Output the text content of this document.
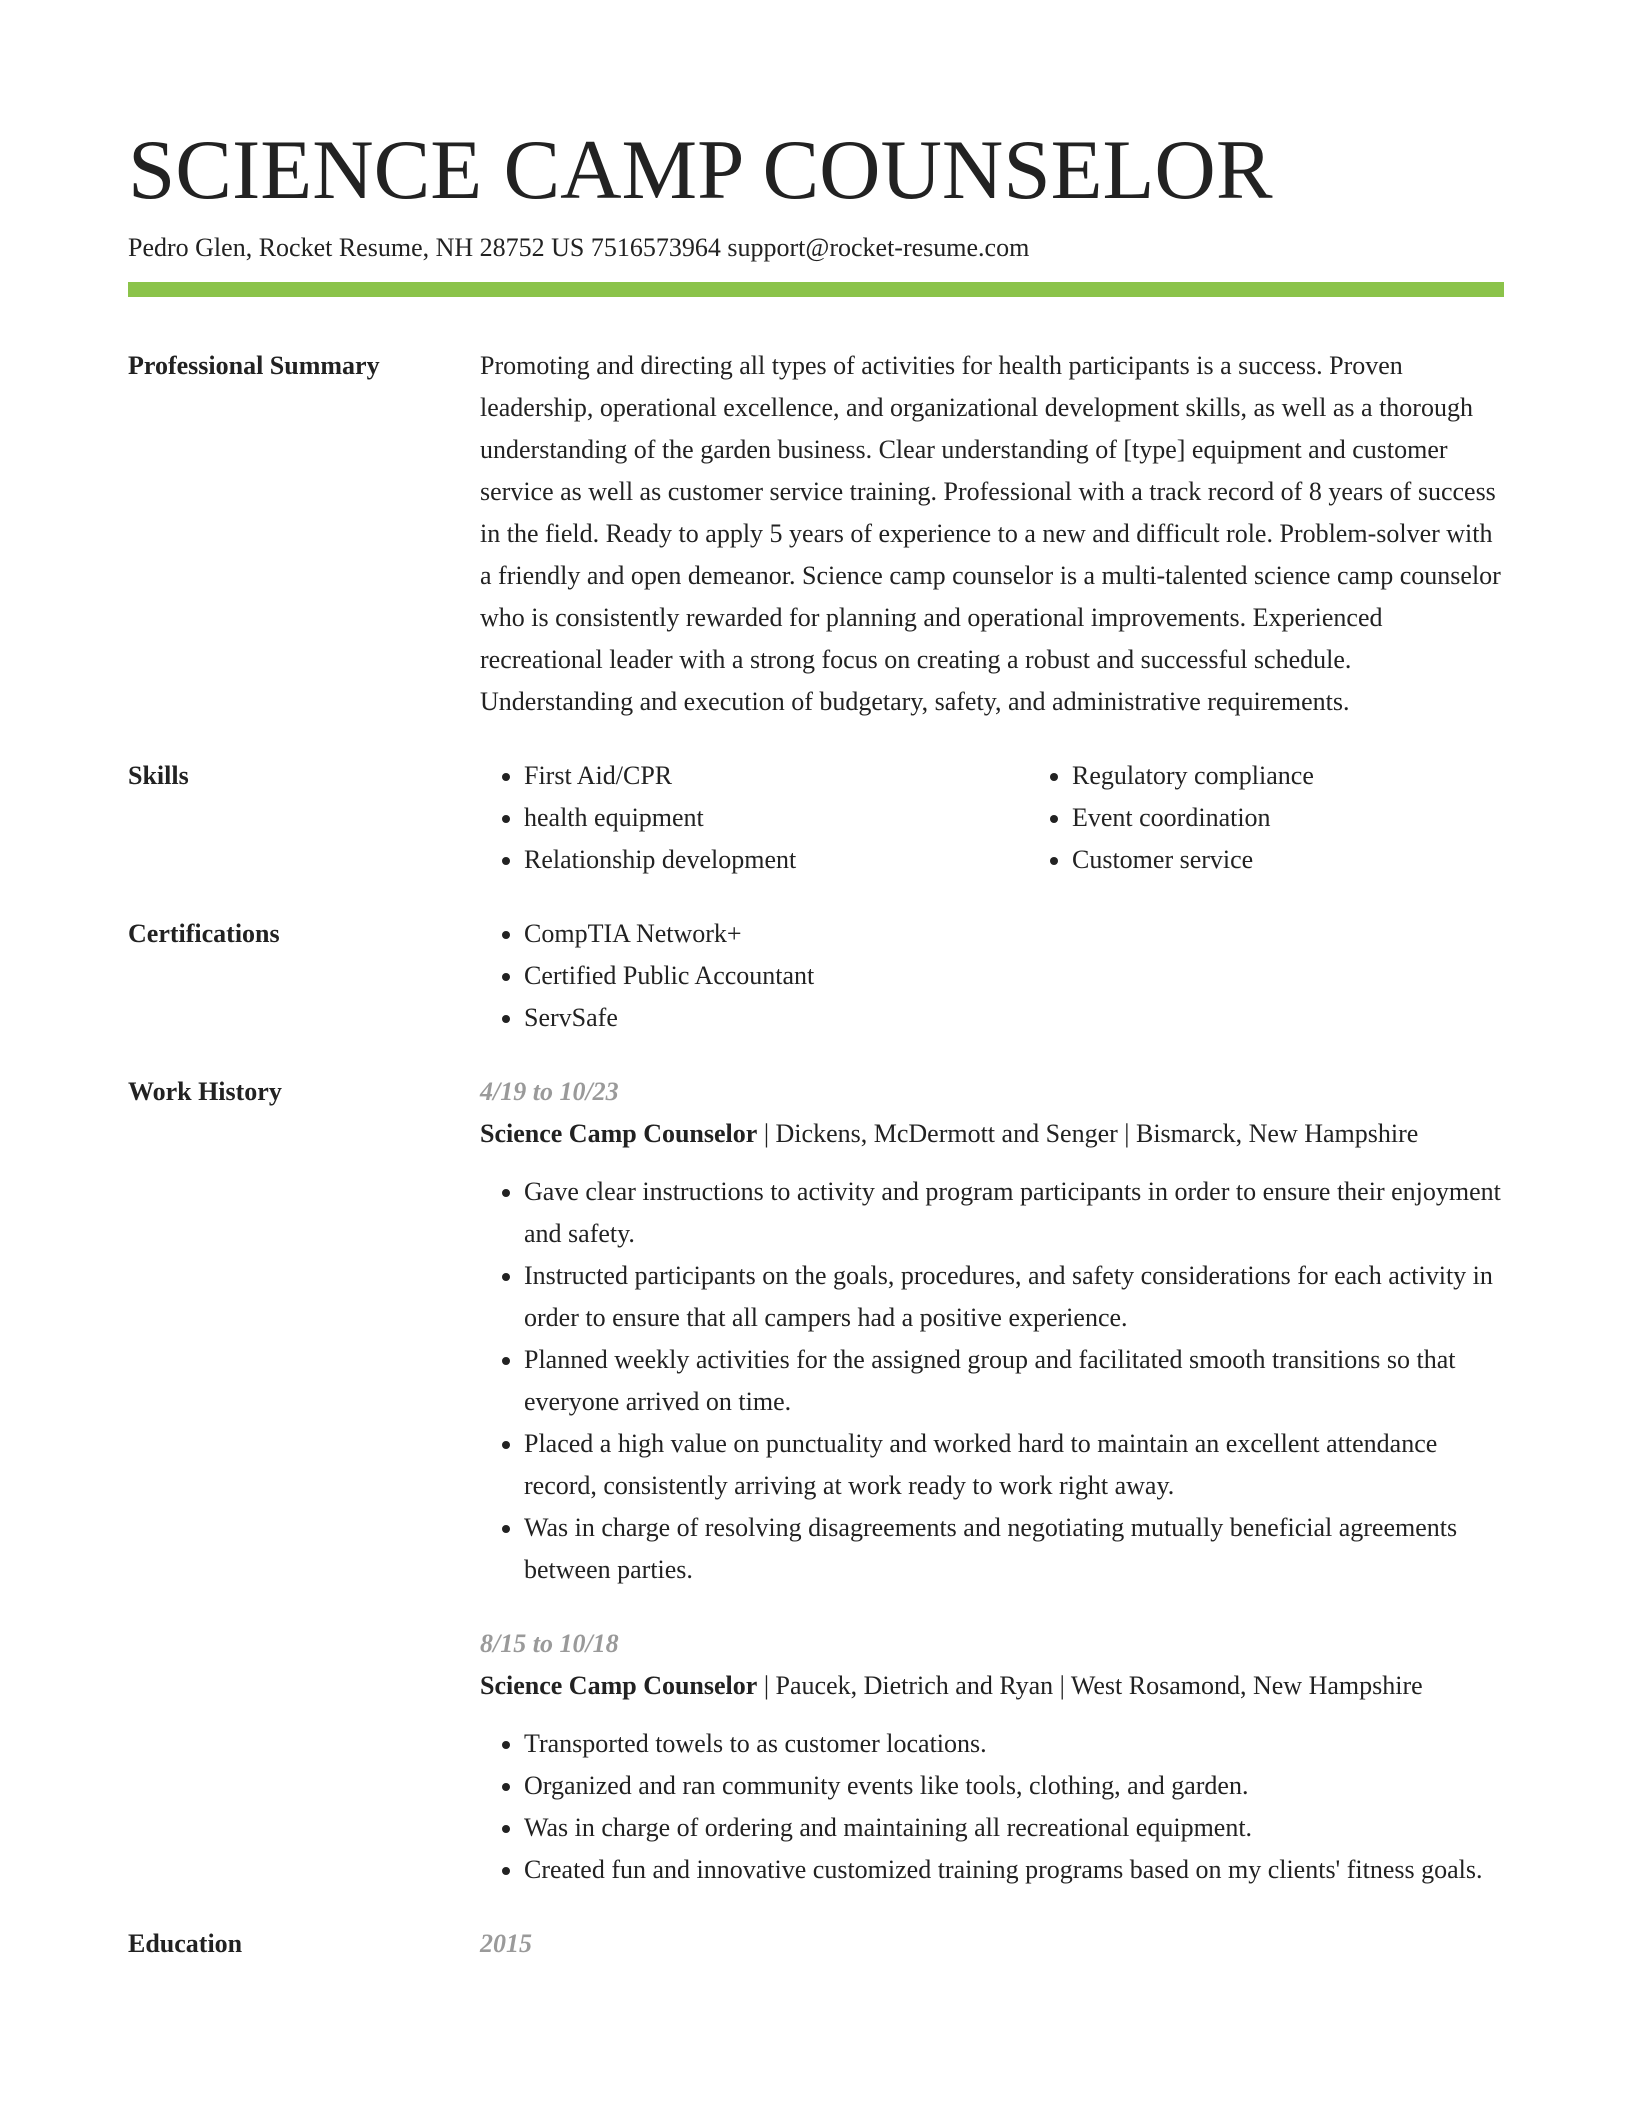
SCIENCE CAMP COUNSELOR
Pedro Glen, Rocket Resume, NH 28752 US 7516573964 support@rocket-resume.com
Professional Summary	Promoting and directing all types of activities for health participants is a success. Proven leadership, operational excellence, and organizational development skills, as well as a thorough understanding of the garden business. Clear understanding of [type] equipment and customer service as well as customer service training. Professional with a track record of 8 years of success in the field. Ready to apply 5 years of experience to a new and difficult role. Problem-solver with a friendly and open demeanor. Science camp counselor is a multi-talented science camp counselor who is consistently rewarded for planning and operational improvements. Experienced recreational leader with a strong focus on creating a robust and successful schedule. Understanding and execution of budgetary, safety, and administrative requirements.
Skills	• First Aid/CPR
• health equipment
• Relationship development
• Regulatory compliance
• Event coordination
• Customer service
Certifications	• CompTIA Network+
• Certified Public Accountant
• ServSafe
Work History	4/19 to 10/23
Science Camp Counselor | Dickens, McDermott and Senger | Bismarck, New Hampshire
• Gave clear instructions to activity and program participants in order to ensure their enjoyment and safety.
• Instructed participants on the goals, procedures, and safety considerations for each activity in order to ensure that all campers had a positive experience.
• Planned weekly activities for the assigned group and facilitated smooth transitions so that everyone arrived on time.
• Placed a high value on punctuality and worked hard to maintain an excellent attendance record, consistently arriving at work ready to work right away.
• Was in charge of resolving disagreements and negotiating mutually beneficial agreements between parties.
8/15 to 10/18
Science Camp Counselor | Paucek, Dietrich and Ryan | West Rosamond, New Hampshire
• Transported towels to as customer locations.
• Organized and ran community events like tools, clothing, and garden.
• Was in charge of ordering and maintaining all recreational equipment.
• Created fun and innovative customized training programs based on my clients' fitness goals.
Education	2015
